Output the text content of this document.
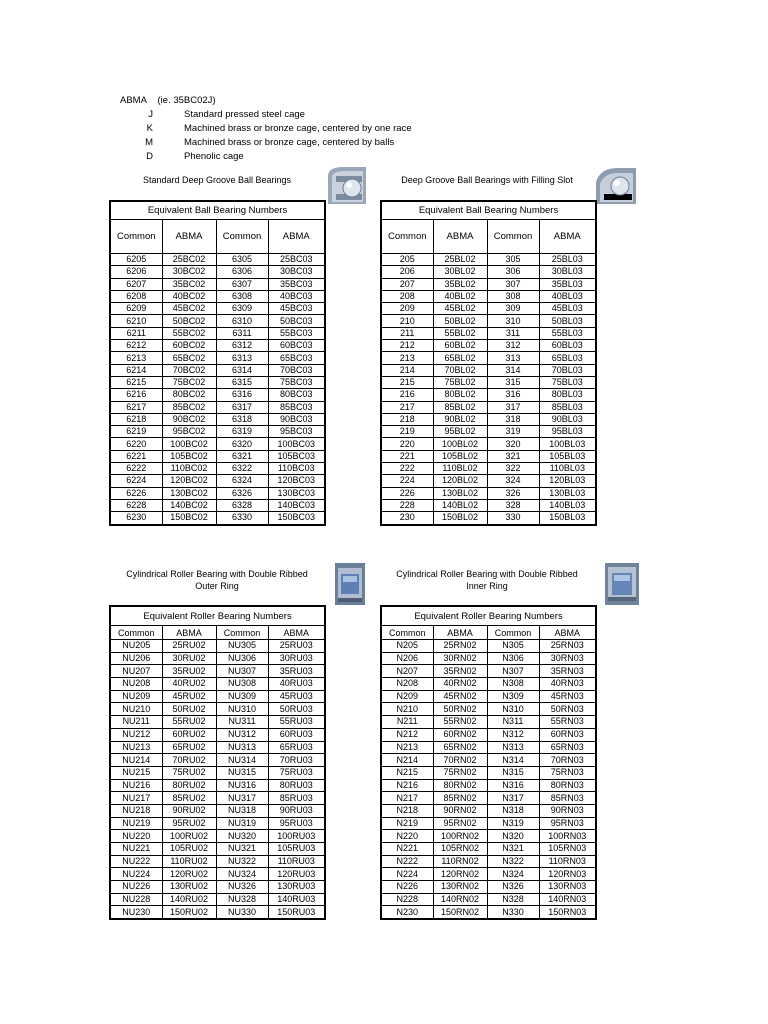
ABMA (ie. 35BC02J)
J	Standard pressed steel cage
K	Machined brass or bronze cage, centered by one race
M	Machined brass or bronze cage, centered by balls
D	Phenolic cage
Standard Deep Groove Ball Bearings	Deep Groove Ball Bearings with Filling Slot
Cylindrical Roller Bearing with Double Ribbed
Outer Ring
Cylindrical Roller Bearing with Double Ribbed
Inner Ring
Equivalent Ball Bearing Numbers			
Common	ABMA	Common	ABMA
6205	25BC02	6305	25BC03
6206	30BC02	6306	30BC03
6207	35BC02	6307	35BC03
6208	40BC02	6308	40BC03
6209	45BC02	6309	45BC03
6210	50BC02	6310	50BC03
6211	55BC02	6311	55BC03
6212	60BC02	6312	60BC03
6213	65BC02	6313	65BC03
6214	70BC02	6314	70BC03
6215	75BC02	6315	75BC03
6216	80BC02	6316	80BC03
6217	85BC02	6317	85BC03
6218	90BC02	6318	90BC03
6219	95BC02	6319	95BC03
6220	100BC02	6320	100BC03
6221	105BC02	6321	105BC03
6222	110BC02	6322	110BC03
6224	120BC02	6324	120BC03
6226	130BC02	6326	130BC03
6228	140BC02	6328	140BC03
6230	150BC02	6330	150BC03
Equivalent Ball Bearing Numbers			
Common	ABMA	Common	ABMA
205	25BL02	305	25BL03
206	30BL02	306	30BL03
207	35BL02	307	35BL03
208	40BL02	308	40BL03
209	45BL02	309	45BL03
210	50BL02	310	50BL03
211	55BL02	311	55BL03
212	60BL02	312	60BL03
213	65BL02	313	65BL03
214	70BL02	314	70BL03
215	75BL02	315	75BL03
216	80BL02	316	80BL03
217	85BL02	317	85BL03
218	90BL02	318	90BL03
219	95BL02	319	95BL03
220	100BL02	320	100BL03
221	105BL02	321	105BL03
222	110BL02	322	110BL03
224	120BL02	324	120BL03
226	130BL02	326	130BL03
228	140BL02	328	140BL03
230	150BL02	330	150BL03
Equivalent Roller Bearing Numbers			
Common	ABMA	Common	ABMA
NU205	25RU02	NU305	25RU03
NU206	30RU02	NU306	30RU03
NU207	35RU02	NU307	35RU03
NU208	40RU02	NU308	40RU03
NU209	45RU02	NU309	45RU03
NU210	50RU02	NU310	50RU03
NU211	55RU02	NU311	55RU03
NU212	60RU02	NU312	60RU03
NU213	65RU02	NU313	65RU03
NU214	70RU02	NU314	70RU03
NU215	75RU02	NU315	75RU03
NU216	80RU02	NU316	80RU03
NU217	85RU02	NU317	85RU03
NU218	90RU02	NU318	90RU03
NU219	95RU02	NU319	95RU03
NU220	100RU02	NU320	100RU03
NU221	105RU02	NU321	105RU03
NU222	110RU02	NU322	110RU03
NU224	120RU02	NU324	120RU03
NU226	130RU02	NU326	130RU03
NU228	140RU02	NU328	140RU03
NU230	150RU02	NU330	150RU03
Equivalent Roller Bearing Numbers			
Common	ABMA	Common	ABMA
N205	25RN02	N305	25RN03
N206	30RN02	N306	30RN03
N207	35RN02	N307	35RN03
N208	40RN02	N308	40RN03
N209	45RN02	N309	45RN03
N210	50RN02	N310	50RN03
N211	55RN02	N311	55RN03
N212	60RN02	N312	60RN03
N213	65RN02	N313	65RN03
N214	70RN02	N314	70RN03
N215	75RN02	N315	75RN03
N216	80RN02	N316	80RN03
N217	85RN02	N317	85RN03
N218	90RN02	N318	90RN03
N219	95RN02	N319	95RN03
N220	100RN02	N320	100RN03
N221	105RN02	N321	105RN03
N222	110RN02	N322	110RN03
N224	120RN02	N324	120RN03
N226	130RN02	N326	130RN03
N228	140RN02	N328	140RN03
N230	150RN02	N330	150RN03
